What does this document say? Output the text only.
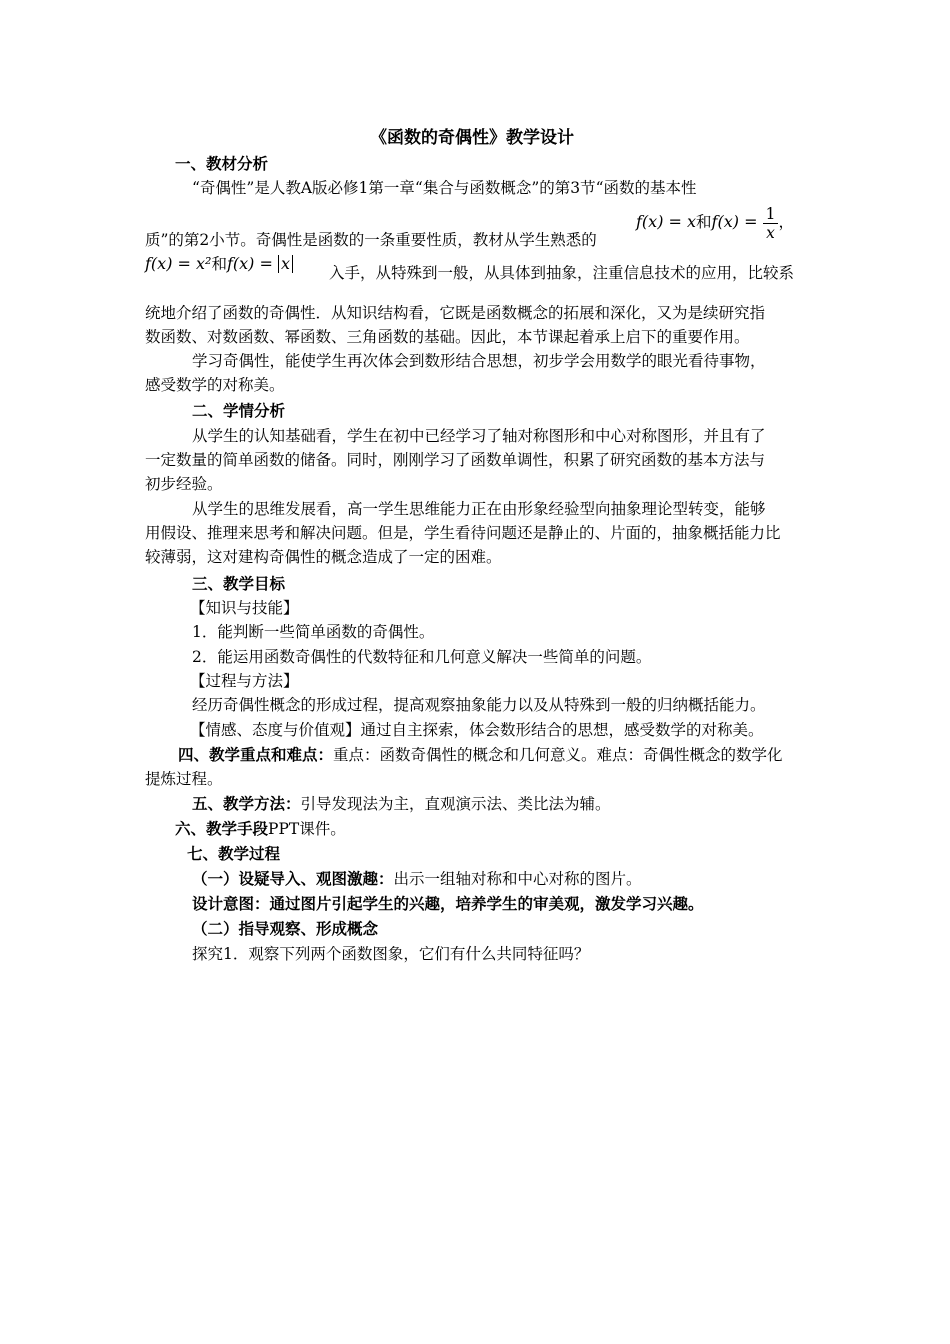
《函数的奇偶性》教学设计
一、教材分析
“奇偶性”是人教A版必修1第一章“集合与函数概念”的第3节“函数的基本性
质”的第2小节。奇偶性是函数的一条重要性质，教材从学生熟悉的
f(x) = x和$f(x) = \frac{1}{x}$ ，
f(x) = x²和f(x) = x	入手，从特殊到一般，从具体到抽象，注重信息技术的应用，比较系
统地介绍了函数的奇偶性．从知识结构看，它既是函数概念的拓展和深化，又为是续研究指
数函数、对数函数、幂函数、三角函数的基础。因此，本节课起着承上启下的重要作用。
学习奇偶性，能使学生再次体会到数形结合思想，初步学会用数学的眼光看待事物，
感受数学的对称美。
二、学情分析
从学生的认知基础看，学生在初中已经学习了轴对称图形和中心对称图形，并且有了
一定数量的简单函数的储备。同时，刚刚学习了函数单调性，积累了研究函数的基本方法与
初步经验。
从学生的思维发展看，高一学生思维能力正在由形象经验型向抽象理论型转变，能够
用假设、推理来思考和解决问题。但是，学生看待问题还是静止的、片面的，抽象概括能力比
较薄弱，这对建构奇偶性的概念造成了一定的困难。
三、教学目标
【知识与技能】
1．能判断一些简单函数的奇偶性。
2．能运用函数奇偶性的代数特征和几何意义解决一些简单的问题。
【过程与方法】
经历奇偶性概念的形成过程，提高观察抽象能力以及从特殊到一般的归纳概括能力。
【情感、态度与价值观】通过自主探索，体会数形结合的思想，感受数学的对称美。
四、教学重点和难点：重点：函数奇偶性的概念和几何意义。难点：奇偶性概念的数学化
提炼过程。
五、教学方法：引导发现法为主，直观演示法、类比法为辅。
六、教学手段PPT课件。
七、教学过程
（一）设疑导入、观图激趣：出示一组轴对称和中心对称的图片。
设计意图：通过图片引起学生的兴趣，培养学生的审美观，激发学习兴趣。
（二）指导观察、形成概念
探究1．观察下列两个函数图象，它们有什么共同特征吗？
